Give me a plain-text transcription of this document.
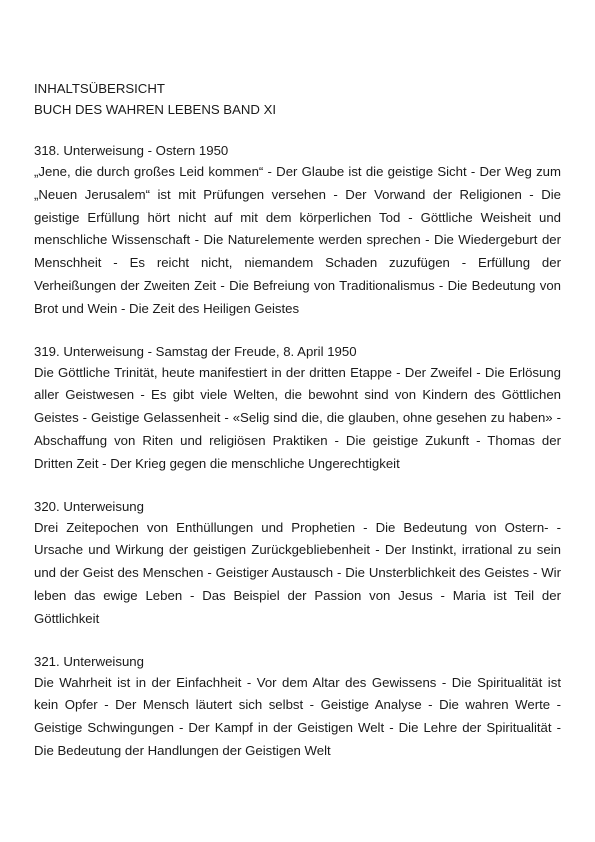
INHALTSÜBERSICHT

BUCH DES WAHREN LEBENS BAND XI

318. Unterweisung - Ostern 1950

„Jene, die durch großes Leid kommen“ - Der Glaube ist die geistige Sicht - Der Weg zum „Neuen Jerusalem“ ist mit Prüfungen versehen - Der Vorwand der Religionen - Die geistige Erfüllung hört nicht auf mit dem körperlichen Tod - Göttliche Weisheit und menschliche Wissenschaft - Die Naturelemente werden sprechen - Die Wiedergeburt der Menschheit - Es reicht nicht, niemandem Schaden zuzufügen - Erfüllung der Verheißungen der Zweiten Zeit - Die Befreiung von Traditionalismus - Die Bedeutung von Brot und Wein - Die Zeit des Heiligen Geistes

319. Unterweisung - Samstag der Freude, 8. April 1950

Die Göttliche Trinität, heute manifestiert in der dritten Etappe - Der Zweifel - Die Erlösung aller Geistwesen - Es gibt viele Welten, die bewohnt sind von Kindern des Göttlichen Geistes - Geistige Gelassenheit - «Selig sind die, die glauben, ohne gesehen zu haben» - Abschaffung von Riten und religiösen Praktiken - Die geistige Zukunft - Thomas der Dritten Zeit - Der Krieg gegen die menschliche Ungerechtigkeit

320. Unterweisung

Drei Zeitepochen von Enthüllungen und Prophetien - Die Bedeutung von Ostern- - Ursache und Wirkung der geistigen Zurückgebliebenheit - Der Instinkt, irrational zu sein und der Geist des Menschen - Geistiger Austausch - Die Unsterblichkeit des Geistes - Wir leben das ewige Leben - Das Beispiel der Passion von Jesus - Maria ist Teil der Göttlichkeit

321. Unterweisung

Die Wahrheit ist in der Einfachheit - Vor dem Altar des Gewissens - Die Spiritualität ist kein Opfer - Der Mensch läutert sich selbst - Geistige Analyse - Die wahren Werte - Geistige Schwingungen - Der Kampf in der Geistigen Welt - Die Lehre der Spiritualität - Die Bedeutung der Handlungen der Geistigen Welt
